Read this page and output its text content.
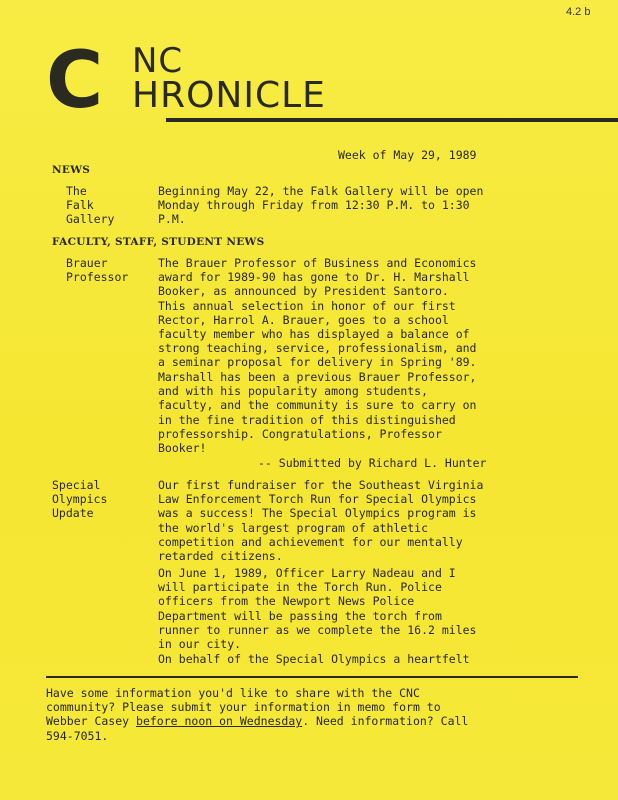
4.2 b
C NC
HRONICLE
Week of May 29, 1989
NEWS
The
Falk
Gallery
Beginning May 22, the Falk Gallery will be open
Monday through Friday from 12:30 P.M. to 1:30
P.M.
FACULTY, STAFF, STUDENT NEWS
Brauer
Professor
The Brauer Professor of Business and Economics
award for 1989-90 has gone to Dr. H. Marshall
Booker, as announced by President Santoro.
This annual selection in honor of our first
Rector, Harrol A. Brauer, goes to a school
faculty member who has displayed a balance of
strong teaching, service, professionalism, and
a seminar proposal for delivery in Spring '89.
Marshall has been a previous Brauer Professor,
and with his popularity among students,
faculty, and the community is sure to carry on
in the fine tradition of this distinguished
professorship. Congratulations, Professor
Booker!
-- Submitted by Richard L. Hunter
Special
Olympics
Update
Our first fundraiser for the Southeast Virginia
Law Enforcement Torch Run for Special Olympics
was a success! The Special Olympics program is
the world's largest program of athletic
competition and achievement for our mentally
retarded citizens.
On June 1, 1989, Officer Larry Nadeau and I
will participate in the Torch Run. Police
officers from the Newport News Police
Department will be passing the torch from
runner to runner as we complete the 16.2 miles
in our city.
On behalf of the Special Olympics a heartfelt
Have some information you'd like to share with the CNC
community? Please submit your information in memo form to
Webber Casey before noon on Wednesday. Need information? Call
594-7051.
